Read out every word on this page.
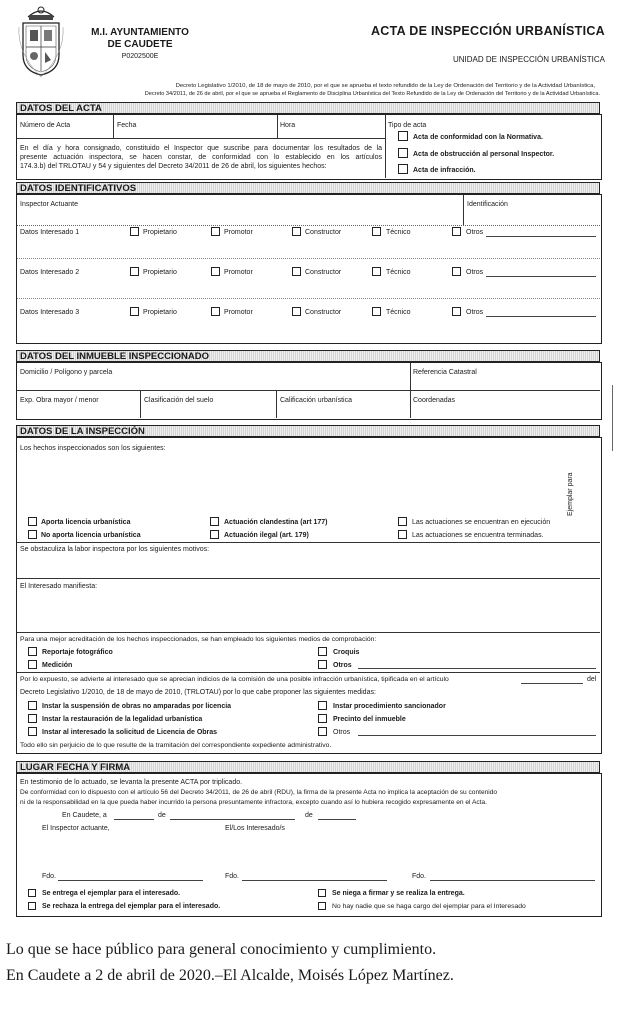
M.I. AYUNTAMIENTO
DE CAUDETE
P0202500E
ACTA DE INSPECCIÓN URBANÍSTICA
UNIDAD DE INSPECCIÓN URBANÍSTICA
Decreto Legislativo 1/2010, de 18 de mayo de 2010, por el que se aprueba el texto refundido de la Ley de Ordenación del Territorio y de la Actividad Urbanística,
Decreto 34/2011, de 26 de abril, por el que se aprueba el Reglamento de Disciplina Urbanística del Texto Refundido de la Ley de Ordenación del Territorio y de la Actividad Urbanística.
DATOS DEL ACTA
Número de Acta	Fecha	Hora	Tipo de acta
En el día y hora consignado, constituido el Inspector que suscribe para documentar los resultados de la
presente actuación inspectora, se hacen constar, de conformidad con lo establecido en los artículos
174.3.b) del TRLOTAU y 54 y siguientes del Decreto 34/2011 de 26 de abril, los siguientes hechos:
Acta de conformidad con la Normativa.
Acta de obstrucción al personal Inspector.
Acta de infracción.
DATOS IDENTIFICATIVOS
Inspector Actuante	Identificación
Datos Interesado 1	Propietario	Promotor	Constructor	Técnico	Otros
Datos Interesado 2	Propietario	Promotor	Constructor	Técnico	Otros
Datos Interesado 3	Propietario	Promotor	Constructor	Técnico	Otros
DATOS DEL INMUEBLE INSPECCIONADO
Domicilio / Polígono y parcela	Referencia Catastral
Exp. Obra mayor / menor	Clasificación del suelo	Calificación urbanística	Coordenadas
DATOS DE LA INSPECCIÓN
Los hechos inspeccionados son los siguientes:
Aporta licencia urbanística
No aporta licencia urbanística
Actuación clandestina (art 177)
Actuación ilegal (art. 179)
Las actuaciones se encuentran en ejecución
Las actuaciones se encuentra terminadas.
Se obstaculiza la labor inspectora por los siguientes motivos:
El Interesado manifiesta:
Para una mejor acreditación de los hechos inspeccionados, se han empleado los siguientes medios de comprobación:
Reportaje fotográfico
Medición
Croquis
Otros
Por lo expuesto, se advierte al interesado que se aprecian indicios de la comisión de una posible infracción urbanística, tipificada en el artículo	del
Decreto Legislativo 1/2010, de 18 de mayo de 2010, (TRLOTAU) por lo que cabe proponer las siguientes medidas:
Instar la suspensión de obras no amparadas por licencia
Instar la restauración de la legalidad urbanística
Instar al interesado la solicitud de Licencia de Obras
Instar procedimiento sancionador
Precinto del inmueble
Otros
Todo ello sin perjuicio de lo que resulte de la tramitación del correspondiente expediente administrativo.
LUGAR FECHA Y FIRMA
En testimonio de lo actuado, se levanta la presente ACTA por triplicado.
De conformidad con lo dispuesto con el artículo 56 del Decreto 34/2011, de 26 de abril (RDU), la firma de la presente Acta no implica la aceptación de su contenido
ni de la responsabilidad en la que pueda haber incurrido la persona presuntamente infractora, excepto cuando así lo hubiera recogido expresamente en el Acta.
En Caudete, a	de	de
El Inspector actuante,	El/Los Interesado/s
Fdo.	Fdo.	Fdo.
Se entrega el ejemplar para el interesado.
Se rechaza la entrega del ejemplar para el interesado.
Se niega a firmar y se realiza la entrega.
No hay nadie que se haga cargo del ejemplar para el Interesado
Ejemplar para
Lo que se hace público para general conocimiento y cumplimiento.
En Caudete a 2 de abril de 2020.–El Alcalde, Moisés López Martínez.
